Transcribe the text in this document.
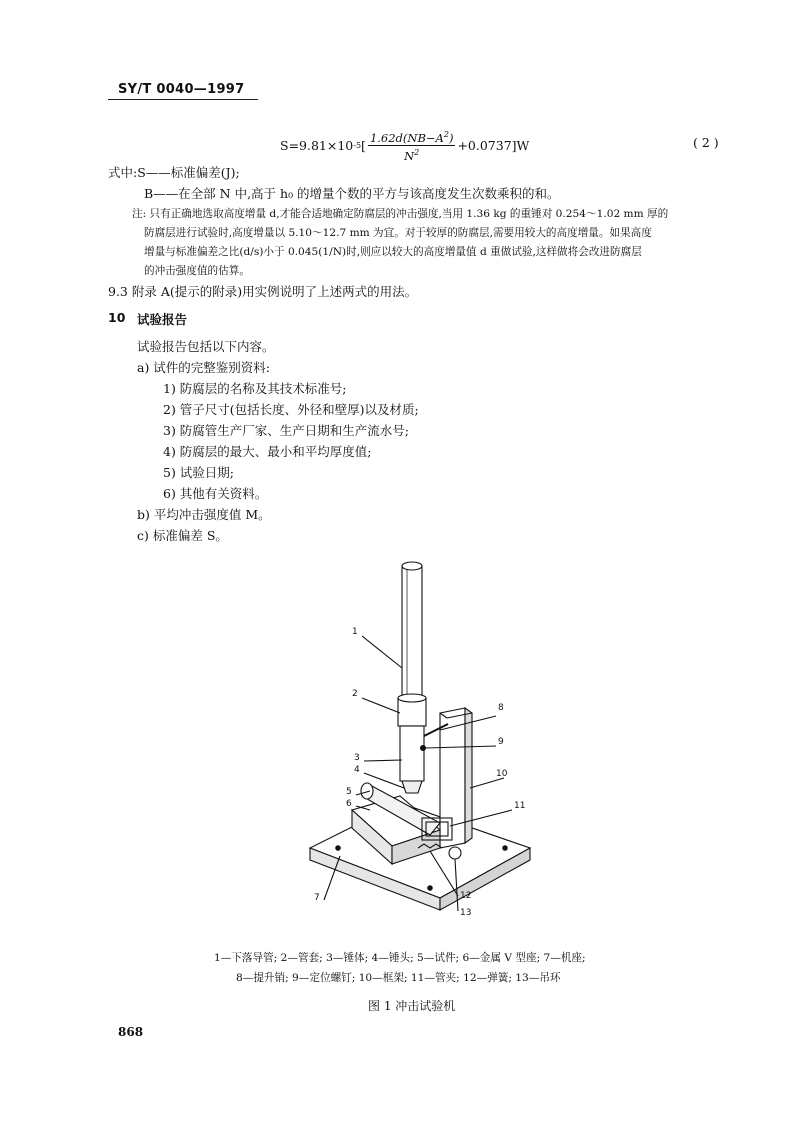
SY/T 0040—1997
S=9.81×10 -5 [ $\frac{1.62d(NB-A^2)}{N^2} +0.0737]W$	( 2 )
式中:S——标准偏差(J);
B——在全部 N 中,高于 h₀ 的增量个数的平方与该高度发生次数乘积的和。
注: 只有正确地选取高度增量 d,才能合适地确定防腐层的冲击强度,当用 1.36 kg 的重锤对 0.254～1.02 mm 厚的
防腐层进行试验时,高度增量以 5.10～12.7 mm 为宜。对于较厚的防腐层,需要用较大的高度增量。如果高度
增量与标准偏差之比(d/s)小于 0.045(1/N)时,则应以较大的高度增量值 d 重做试验,这样做将会改进防腐层
的冲击强度值的估算。
9.3 附录 A(提示的附录)用实例说明了上述两式的用法。
10 试验报告
试验报告包括以下内容。
a) 试件的完整鉴别资料:
1) 防腐层的名称及其技术标准号;
2) 管子尺寸(包括长度、外径和壁厚)以及材质;
3) 防腐管生产厂家、生产日期和生产流水号;
4) 防腐层的最大、最小和平均厚度值;
5) 试验日期;
6) 其他有关资料。
b) 平均冲击强度值 M。
c) 标准偏差 S。
1
2
3
4
5
6
7
8
9
10
11
12
13
1—下落导管; 2—管套; 3—锤体; 4—锤头; 5—试件; 6—金属 V 型座; 7—机座;
8—提升销; 9—定位螺钉; 10—框架; 11—管夹; 12—弹簧; 13—吊环
图 1 冲击试验机
868
